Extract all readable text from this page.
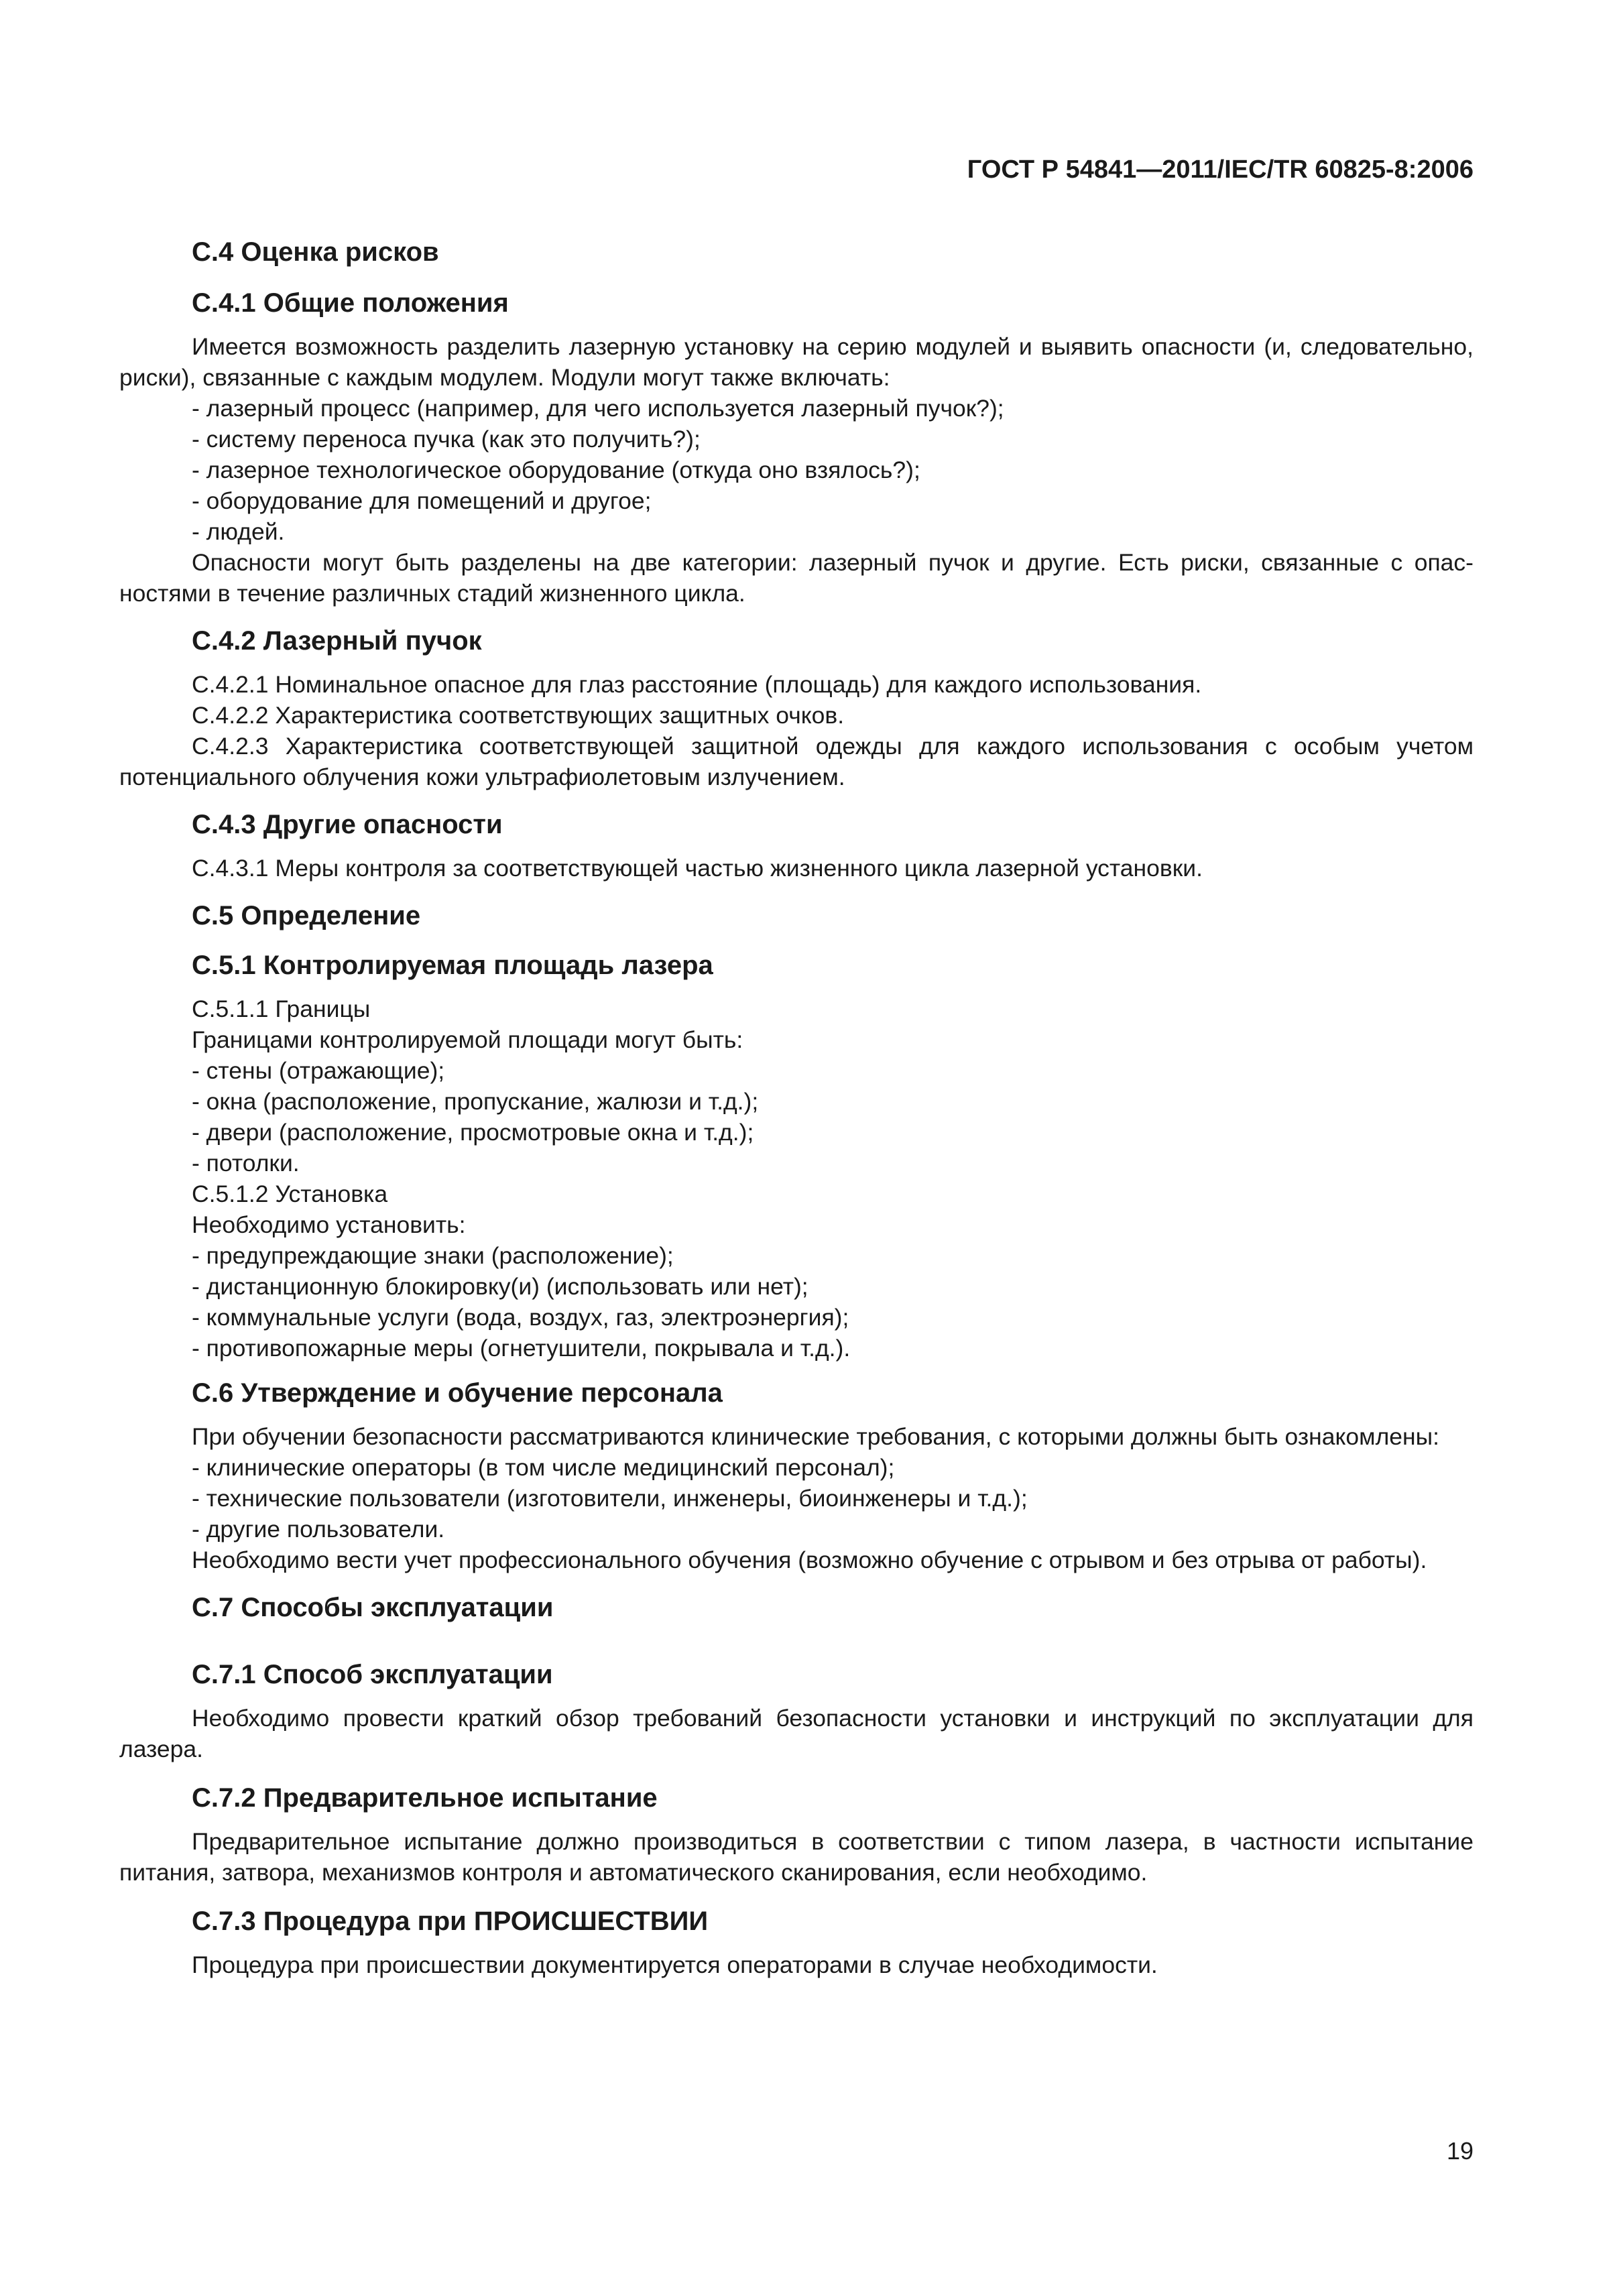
ГОСТ Р 54841—2011/IEC/TR 60825-8:2006
С.4 Оценка рисков
С.4.1 Общие положения
Имеется возможность разделить лазерную установку на серию модулей и выявить опасности (и, следовательно, риски), связанные с каждым модулем. Модули могут также включать:
- лазерный процесс (например, для чего используется лазерный пучок?);
- систему переноса пучка (как это получить?);
- лазерное технологическое оборудование (откуда оно взялось?);
- оборудование для помещений и другое;
- людей.
Опасности могут быть разделены на две категории: лазерный пучок и другие. Есть риски, связанные с опасностями в течение различных стадий жизненного цикла.
С.4.2 Лазерный пучок
С.4.2.1 Номинальное опасное для глаз расстояние (площадь) для каждого использования.
С.4.2.2 Характеристика соответствующих защитных очков.
С.4.2.3 Характеристика соответствующей защитной одежды для каждого использования с особым учетом потенциального облучения кожи ультрафиолетовым излучением.
С.4.3 Другие опасности
С.4.3.1 Меры контроля за соответствующей частью жизненного цикла лазерной установки.
С.5 Определение
С.5.1 Контролируемая площадь лазера
С.5.1.1 Границы
Границами контролируемой площади могут быть:
- стены (отражающие);
- окна (расположение, пропускание, жалюзи и т.д.);
- двери (расположение, просмотровые окна и т.д.);
- потолки.
С.5.1.2 Установка
Необходимо установить:
- предупреждающие знаки (расположение);
- дистанционную блокировку(и) (использовать или нет);
- коммунальные услуги (вода, воздух, газ, электроэнергия);
- противопожарные меры (огнетушители, покрывала и т.д.).
С.6 Утверждение и обучение персонала
При обучении безопасности рассматриваются клинические требования, с которыми должны быть ознакомлены:
- клинические операторы (в том числе медицинский персонал);
- технические пользователи (изготовители, инженеры, биоинженеры и т.д.);
- другие пользователи.
Необходимо вести учет профессионального обучения (возможно обучение с отрывом и без отрыва от работы).
С.7 Способы эксплуатации
С.7.1 Способ эксплуатации
Необходимо провести краткий обзор требований безопасности установки и инструкций по эксплуатации для лазера.
С.7.2 Предварительное испытание
Предварительное испытание должно производиться в соответствии с типом лазера, в частности испытание питания, затвора, механизмов контроля и автоматического сканирования, если необходимо.
С.7.3 Процедура при ПРОИСШЕСТВИИ
Процедура при происшествии документируется операторами в случае необходимости.
19
